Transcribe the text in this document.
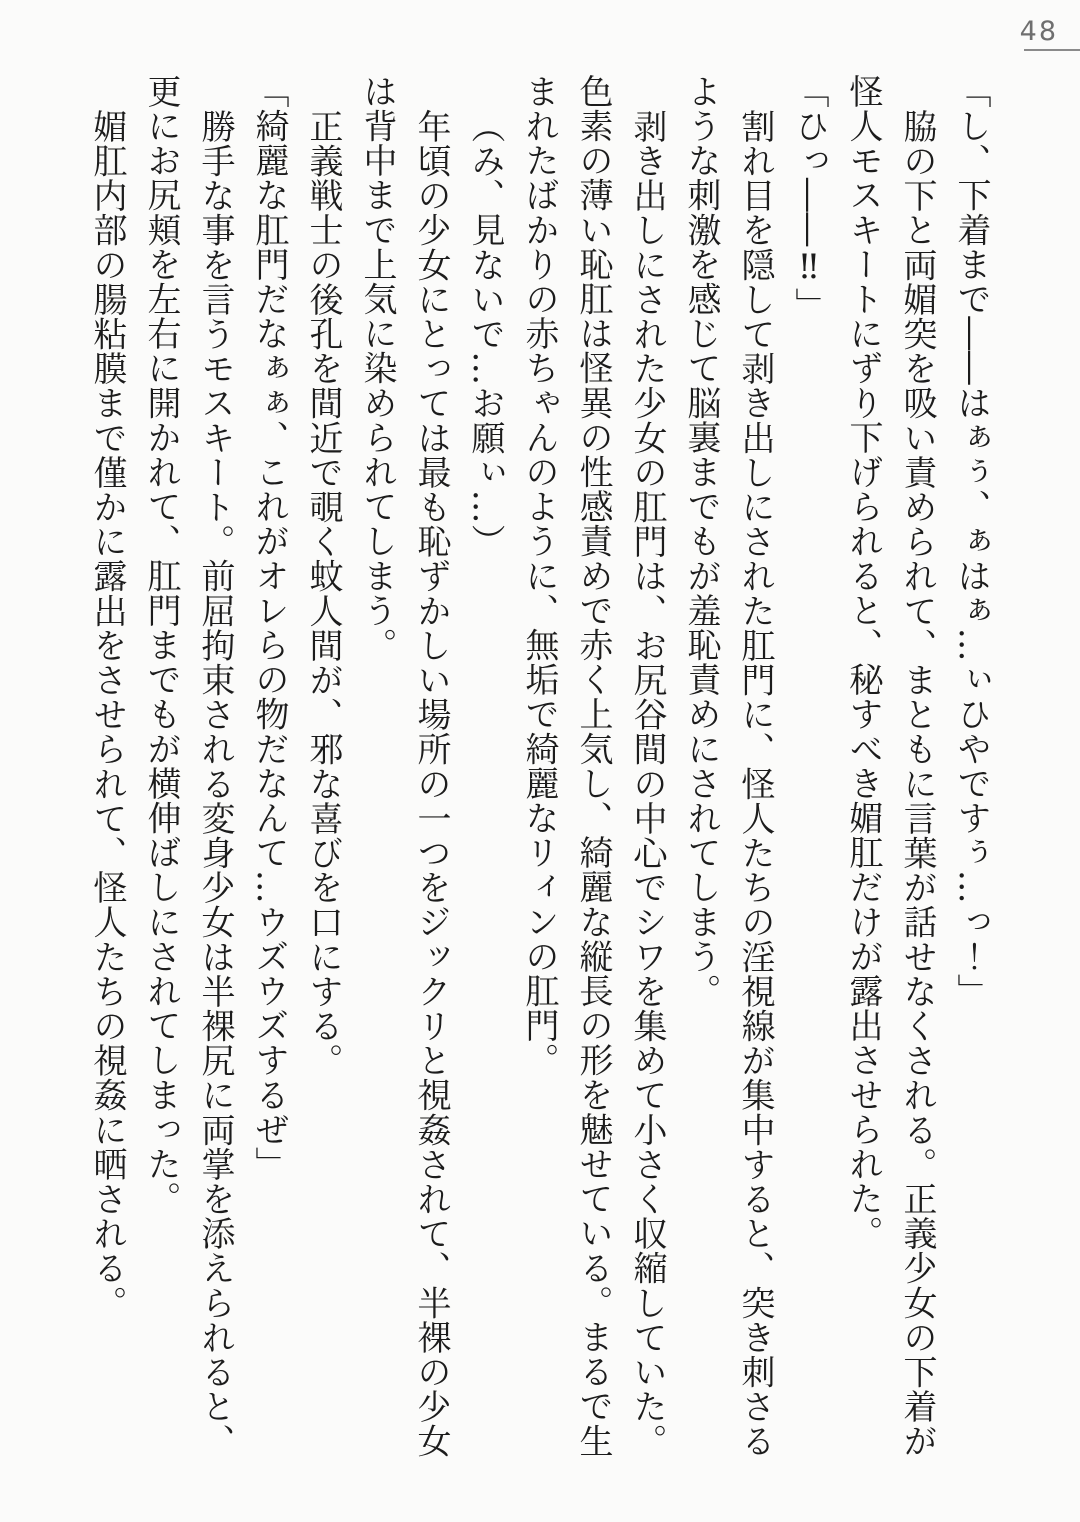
48

「し、下着まで――はぁぅ、ぁはぁ…ぃひやですぅ…っ！」

脇の下と両媚突を吸い責められて、まともに言葉が話せなくされる。正義少女の下着が怪人モスキートにずり下げられると、秘すべき媚肛だけが露出させられた。

「ひっ――‼」

割れ目を隠して剥き出しにされた肛門に、怪人たちの淫視線が集中すると、突き刺さるような刺激を感じて脳裏までもが羞恥責めにされてしまう。

剥き出しにされた少女の肛門は、お尻谷間の中心でシワを集めて小さく収縮していた。色素の薄い恥肛は怪異の性感責めで赤く上気し、綺麗な縦長の形を魅せている。まるで生まれたばかりの赤ちゃんのように、無垢で綺麗なリィンの肛門。

（み、見ないで…お願ぃ…）

年頃の少女にとっては最も恥ずかしい場所の一つをジックリと視姦されて、半裸の少女は背中まで上気に染められてしまう。

正義戦士の後孔を間近で覗く蚊人間が、邪な喜びを口にする。

「綺麗な肛門だなぁぁ、これがオレらの物だなんて…ウズウズするぜ」

勝手な事を言うモスキート。前屈拘束される変身少女は半裸尻に両掌を添えられると、更にお尻頬を左右に開かれて、肛門までもが横伸ばしにされてしまった。

媚肛内部の腸粘膜まで僅かに露出をさせられて、怪人たちの視姦に晒される。
